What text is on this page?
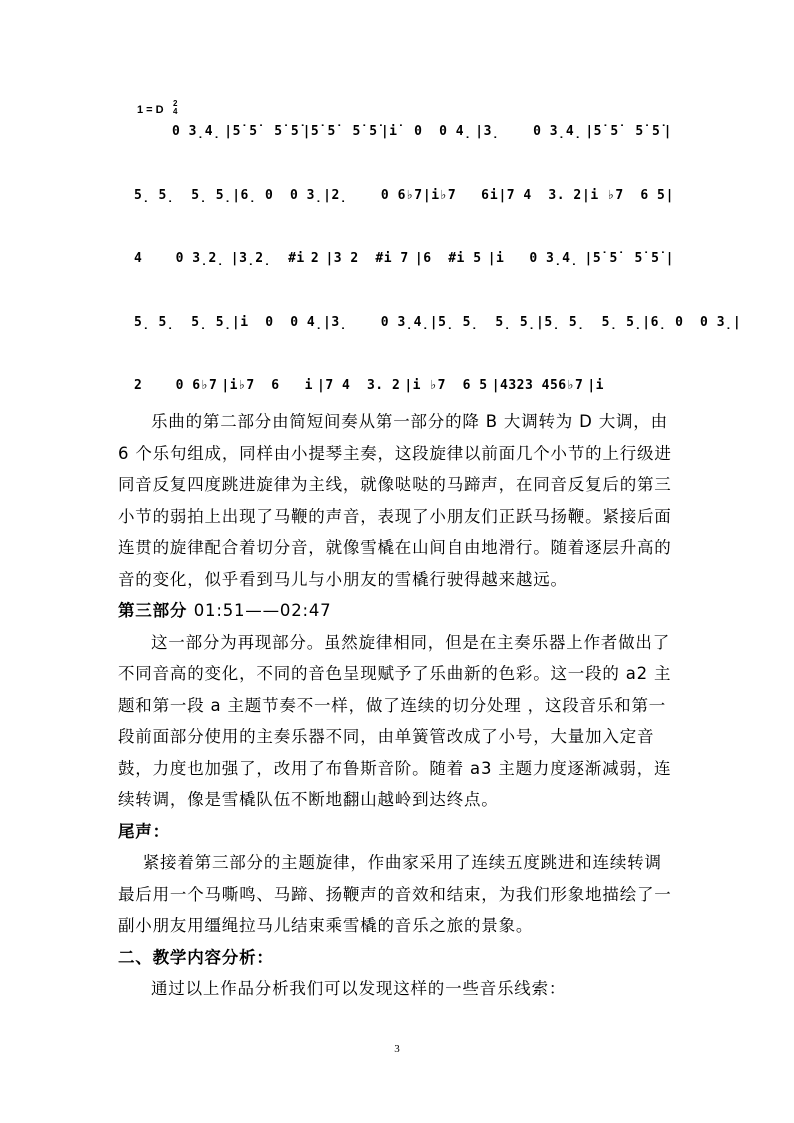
1 = D
2
4
0 3̣4̣ |5̇ 5̇  5̇ 5̇ |5̇ 5̇  5̇ 5̇ |i̇  0  0 4̣ |3̣    0 3̣4̣ |5̇ 5̇  5̇ 5̇ |
5̣ 5̣  5̣ 5̣ |6̣ 0  0 3̣ |2̣    0 6♭7 |i♭7   6 i |7 4  3. 2 |i ♭7  6 5 |
4    0 3̣2̣ |3̣2̣  #i 2 |3 2  #i 7 |6  #i 5 |i   0 3̣4̣ |5̇ 5̇  5̇ 5̇ |
5̣ 5̣  5̣ 5̣ |i  0  0 4̣ |3̣    0 3̣4̣ |5̣ 5̣  5̣ 5̣ |5̣ 5̣  5̣ 5̣ |6̣ 0  0 3̣ |
2    0 6♭7 |i♭7  6   i |7 4  3. 2 |i ♭7  6 5 |4323 456♭7 |i

乐曲的第二部分由简短间奏从第一部分的降 B 大调转为 D 大调，由 6 个乐句组成，同样由小提琴主奏，这段旋律以前面几个小节的上行级进同音反复四度跳进旋律为主线，就像哒哒的马蹄声，在同音反复后的第三小节的弱拍上出现了马鞭的声音，表现了小朋友们正跃马扬鞭。紧接后面连贯的旋律配合着切分音，就像雪橇在山间自由地滑行。随着逐层升高的音的变化，似乎看到马儿与小朋友的雪橇行驶得越来越远。

第三部分 01:51——02:47

这一部分为再现部分。虽然旋律相同，但是在主奏乐器上作者做出了不同音高的变化，不同的音色呈现赋予了乐曲新的色彩。这一段的 a2 主题和第一段 a 主题节奏不一样，做了连续的切分处理 ，这段音乐和第一段前面部分使用的主奏乐器不同，由单簧管改成了小号，大量加入定音鼓，力度也加强了，改用了布鲁斯音阶。随着 a3 主题力度逐渐减弱，连续转调，像是雪橇队伍不断地翻山越岭到达终点。

尾声：

紧接着第三部分的主题旋律，作曲家采用了连续五度跳进和连续转调最后用一个马嘶鸣、马蹄、扬鞭声的音效和结束，为我们形象地描绘了一副小朋友用缰绳拉马儿结束乘雪橇的音乐之旅的景象。

二、教学内容分析：

通过以上作品分析我们可以发现这样的一些音乐线索：

3
